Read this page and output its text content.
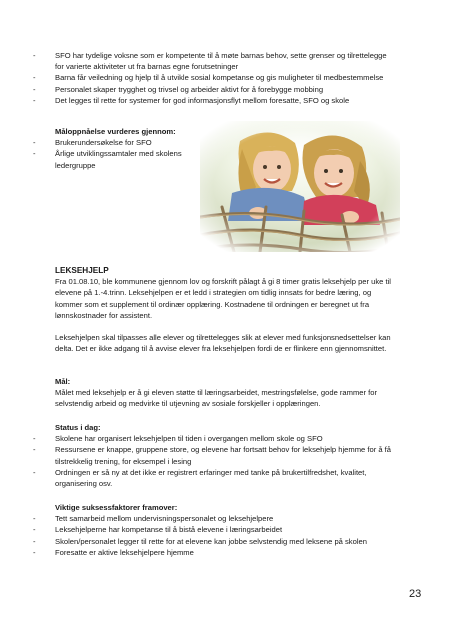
-	SFO har tydelige voksne som er kompetente til å møte barnas behov, sette grenser og tilrettelegge
for varierte aktiviteter ut fra barnas egne forutsetninger
-	Barna får veiledning og hjelp til å utvikle sosial kompetanse og gis muligheter til medbestemmelse
-	Personalet skaper trygghet og trivsel og arbeider aktivt for å forebygge mobbing
-	Det legges til rette for systemer for god informasjonsflyt mellom foresatte, SFO og skole
Måloppnåelse vurderes gjennom:
-	Brukerundersøkelse for SFO
-	Årlige utviklingssamtaler med skolens
ledergruppe
LEKSEHJELP
Fra 01.08.10, ble kommunene gjennom lov og forskrift pålagt å gi 8 timer gratis leksehjelp per uke til
elevene på 1.-4.trinn. Leksehjelpen er et ledd i strategien om tidlig innsats for bedre læring, og
kommer som et supplement til ordinær opplæring. Kostnadene til ordningen er beregnet ut fra
lønnskostnader for assistent.
Leksehjelpen skal tilpasses alle elever og tilrettelegges slik at elever med funksjonsnedsettelser kan
delta. Det er ikke adgang til å avvise elever fra leksehjelpen fordi de er flinkere enn gjennomsnittet.
Mål:
Målet med leksehjelp er å gi eleven støtte til læringsarbeidet, mestringsfølelse, gode rammer for
selvstendig arbeid og medvirke til utjevning av sosiale forskjeller i opplæringen.
Status i dag:
-	Skolene har organisert leksehjelpen til tiden i overgangen mellom skole og SFO
-	Ressursene er knappe, gruppene store, og elevene har fortsatt behov for leksehjelp hjemme for å få
tilstrekkelig trening, for eksempel i lesing
-	Ordningen er så ny at det ikke er registrert erfaringer med tanke på brukertilfredshet, kvalitet,
organisering osv.
Viktige suksessfaktorer framover:
-	Tett samarbeid mellom undervisningspersonalet og leksehjelpere
-	Leksehjelperne har kompetanse til å bistå elevene i læringsarbeidet
-	Skolen/personalet legger til rette for at elevene kan jobbe selvstendig med leksene på skolen
-	Foresatte er aktive leksehjelpere hjemme
23
